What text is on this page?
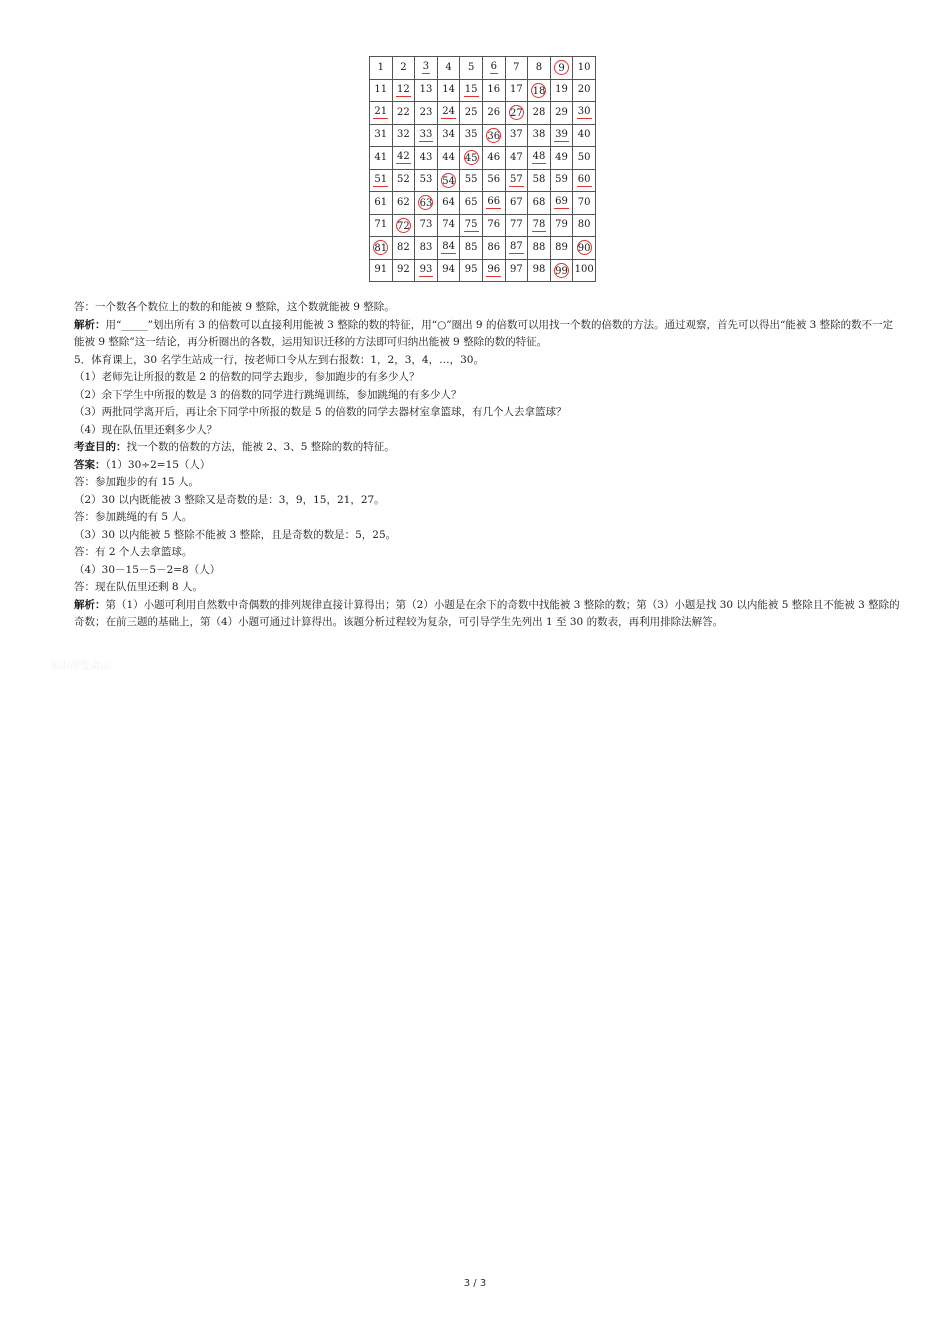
1	2	3	4	5	6	7	8	9	10
11	12	13	14	15	16	17	18	19	20
21	22	23	24	25	26	27	28	29	30
31	32	33	34	35	36	37	38	39	40
41	42	43	44	45	46	47	48	49	50
51	52	53	54	55	56	57	58	59	60
61	62	63	64	65	66	67	68	69	70
71	72	73	74	75	76	77	78	79	80
81	82	83	84	85	86	87	88	89	90
91	92	93	94	95	96	97	98	99	100
答：一个数各个数位上的数的和能被 9 整除，这个数就能被 9 整除。
解析：用“_____”划出所有 3 的倍数可以直接利用能被 3 整除的数的特征，用“○”圈出 9 的倍数可以用找一个数的倍数的方法。通过观察，首先可以得出“能被 3 整除的数不一定能被 9 整除”这一结论，再分析圈出的各数，运用知识迁移的方法即可归纳出能被 9 整除的数的特征。
5．体育课上，30 名学生站成一行，按老师口令从左到右报数：1，2，3，4，…，30。
（1）老师先让所报的数是 2 的倍数的同学去跑步，参加跑步的有多少人？
（2）余下学生中所报的数是 3 的倍数的同学进行跳绳训练，参加跳绳的有多少人？
（3）两批同学离开后，再让余下同学中所报的数是 5 的倍数的同学去器材室拿篮球，有几个人去拿篮球？
（4）现在队伍里还剩多少人？
考查目的：找一个数的倍数的方法，能被 2、3、5 整除的数的特征。
答案：（1）30÷2=15（人）
答：参加跑步的有 15 人。
（2）30 以内既能被 3 整除又是奇数的是：3，9，15，21，27。
答：参加跳绳的有 5 人。
（3）30 以内能被 5 整除不能被 3 整除，且是奇数的数是：5，25。
答：有 2 个人去拿篮球。
（4）30－15－5－2=8（人）
答：现在队伍里还剩 8 人。
解析：第（1）小题可利用自然数中奇偶数的排列规律直接计算得出；第（2）小题是在余下的奇数中找能被 3 整除的数；第（3）小题是找 30 以内能被 5 整除且不能被 3 整除的奇数；在前三题的基础上，第（4）小题可通过计算得出。该题分析过程较为复杂，可引导学生先列出 1 至 30 的数表，再利用排除法解答。
知识改变命运
3 / 3
